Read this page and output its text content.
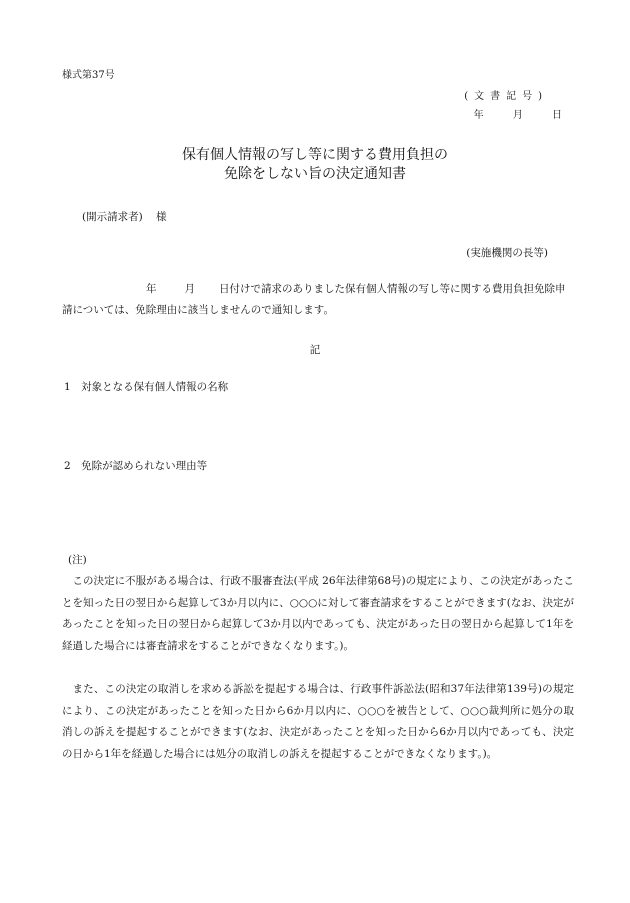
様式第37号
(文書記号)
年	月	日
保有個人情報の写し等に関する費用負担の
免除をしない旨の決定通知書
(開示請求者) 様
(実施機関の長等)
年	月 日付けで請求のありました保有個人情報の写し等に関する費用負担免除申請については、免除理由に該当しませんので通知します。
記
1　対象となる保有個人情報の名称
2　免除が認められない理由等
(注)

この決定に不服がある場合は、行政不服審査法(平成 26年法律第68号)の規定により、この決定があったことを知った日の翌日から起算して3か月以内に、○○○に対して審査請求をすることができます(なお、決定があったことを知った日の翌日から起算して3か月以内であっても、決定があった日の翌日から起算して1年を経過した場合には審査請求をすることができなくなります。)。

また、この決定の取消しを求める訴訟を提起する場合は、行政事件訴訟法(昭和37年法律第139号)の規定により、この決定があったことを知った日から6か月以内に、○○○を被告として、○○○裁判所に処分の取消しの訴えを提起することができます(なお、決定があったことを知った日から6か月以内であっても、決定の日から1年を経過した場合には処分の取消しの訴えを提起することができなくなります。)。
